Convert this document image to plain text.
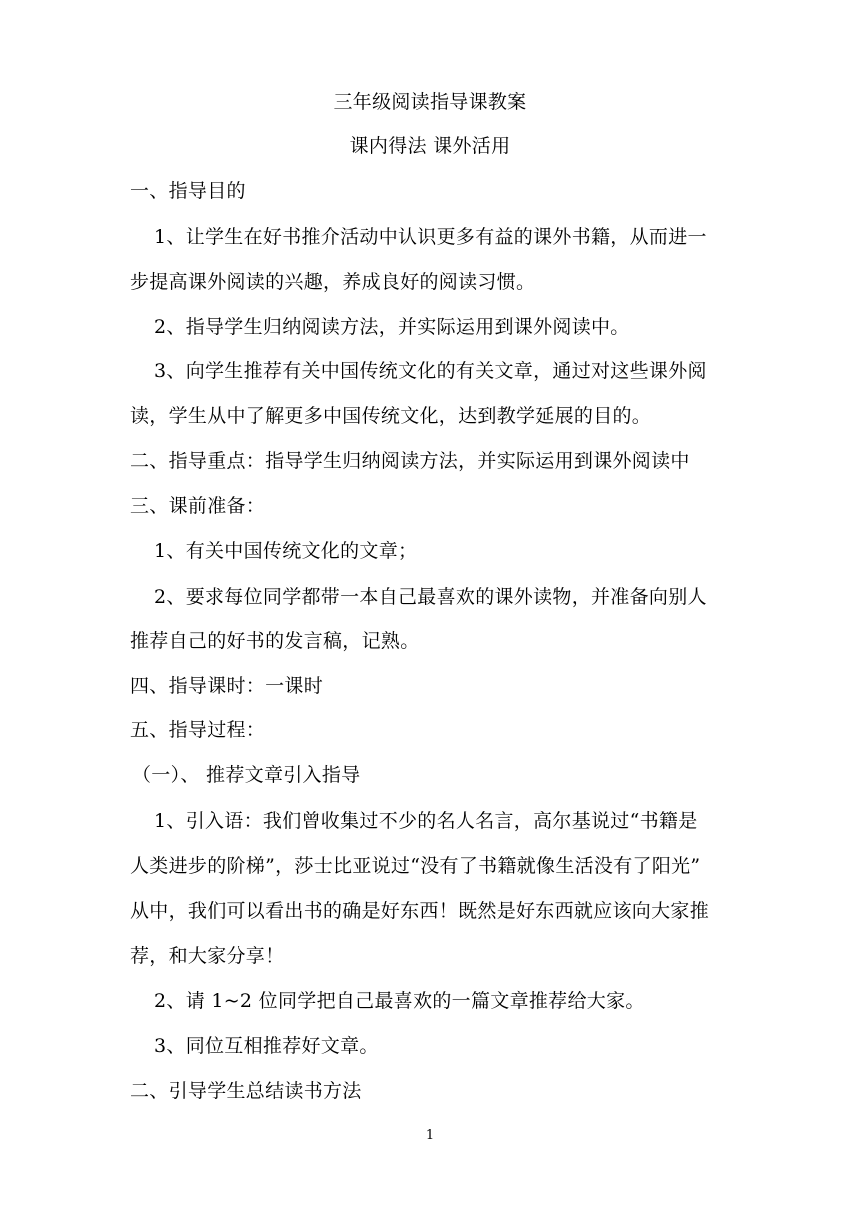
三年级阅读指导课教案
课内得法 课外活用
一、指导目的
1、让学生在好书推介活动中认识更多有益的课外书籍，从而进一
步提高课外阅读的兴趣，养成良好的阅读习惯。
2、指导学生归纳阅读方法，并实际运用到课外阅读中。
3、向学生推荐有关中国传统文化的有关文章，通过对这些课外阅
读，学生从中了解更多中国传统文化，达到教学延展的目的。
二、指导重点：指导学生归纳阅读方法，并实际运用到课外阅读中
三、课前准备：
1、有关中国传统文化的文章；
2、要求每位同学都带一本自己最喜欢的课外读物，并准备向别人
推荐自己的好书的发言稿，记熟。
四、指导课时：一课时
五、指导过程：
（一）、 推荐文章引入指导
1、引入语：我们曾收集过不少的名人名言，高尔基说过“书籍是
人类进步的阶梯”，莎士比亚说过“没有了书籍就像生活没有了阳光”
从中，我们可以看出书的确是好东西！既然是好东西就应该向大家推
荐，和大家分享！
2、请 1~2 位同学把自己最喜欢的一篇文章推荐给大家。
3、同位互相推荐好文章。
二、引导学生总结读书方法
1
